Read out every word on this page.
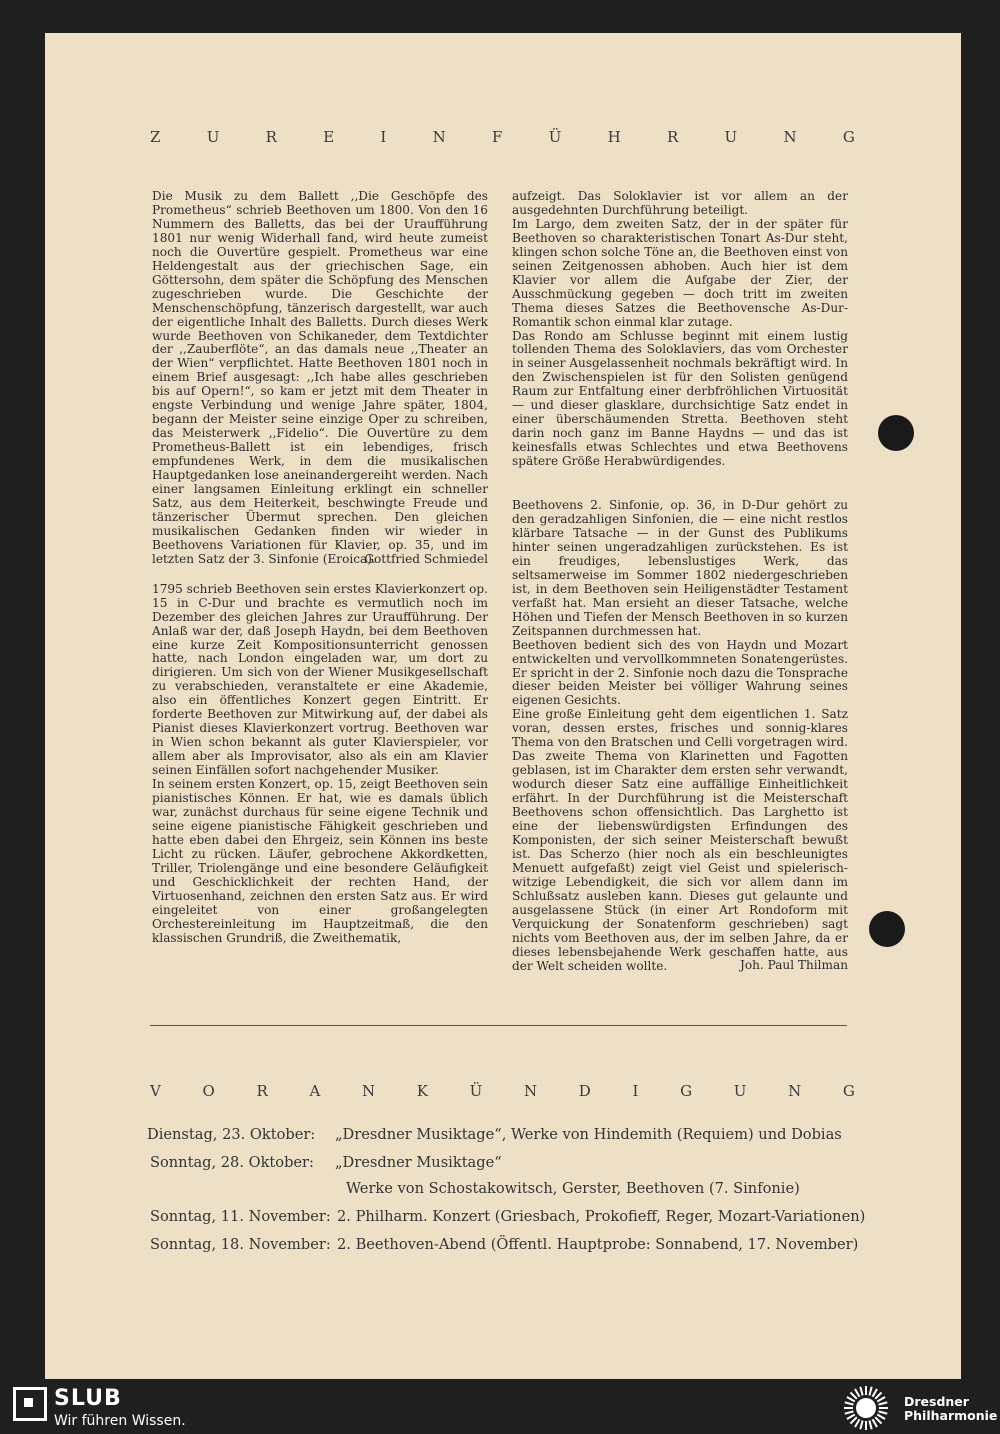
Z	U	R	E	I	N	F	Ü	H	R	U	N	G

Die Musik zu dem Ballett ,,Die Geschöpfe des Prometheus“ schrieb Beethoven um 1800. Von den 16 Nummern des Balletts, das bei der Uraufführung 1801 nur wenig Widerhall fand, wird heute zumeist noch die Ouvertüre gespielt. Prometheus war eine Heldengestalt aus der griechischen Sage, ein Göttersohn, dem später die Schöpfung des Menschen zugeschrieben wurde. Die Geschichte der Menschenschöpfung, tänzerisch dargestellt, war auch der eigentliche Inhalt des Balletts. Durch dieses Werk wurde Beethoven von Schikaneder, dem Textdichter der ,,Zauberflöte“, an das damals neue ,,Theater an der Wien“ verpflichtet. Hatte Beethoven 1801 noch in einem Brief ausgesagt: ,,Ich habe alles geschrieben bis auf Opern!“, so kam er jetzt mit dem Theater in engste Verbindung und wenige Jahre später, 1804, begann der Meister seine einzige Oper zu schreiben, das Meisterwerk ,,Fidelio“. Die Ouvertüre zu dem Prometheus-Ballett ist ein lebendiges, frisch empfundenes Werk, in dem die musikalischen Hauptgedanken lose aneinandergereiht werden. Nach einer langsamen Einleitung erklingt ein schneller Satz, aus dem Heiterkeit, beschwingte Freude und tänzerischer Übermut sprechen. Den gleichen musikalischen Gedanken finden wir wieder in Beethovens Variationen für Klavier, op. 35, und im letzten Satz der 3. Sinfonie (Eroica).

Gottfried Schmiedel

1795 schrieb Beethoven sein erstes Klavierkonzert op. 15 in C-Dur und brachte es vermutlich noch im Dezember des gleichen Jahres zur Uraufführung. Der Anlaß war der, daß Joseph Haydn, bei dem Beethoven eine kurze Zeit Kompositionsunterricht genossen hatte, nach London eingeladen war, um dort zu dirigieren. Um sich von der Wiener Musikgesellschaft zu verabschieden, veranstaltete er eine Akademie, also ein öffentliches Konzert gegen Eintritt. Er forderte Beethoven zur Mitwirkung auf, der dabei als Pianist dieses Klavierkonzert vortrug. Beethoven war in Wien schon bekannt als guter Klavierspieler, vor allem aber als Improvisator, also als ein am Klavier seinen Einfällen sofort nachgehender Musiker.

In seinem ersten Konzert, op. 15, zeigt Beethoven sein pianistisches Können. Er hat, wie es damals üblich war, zunächst durchaus für seine eigene Technik und seine eigene pianistische Fähigkeit geschrieben und hatte eben dabei den Ehrgeiz, sein Können ins beste Licht zu rücken. Läufer, gebrochene Akkordketten, Triller, Triolengänge und eine besondere Geläufigkeit und Geschicklichkeit der rechten Hand, der Virtuosenhand, zeichnen den ersten Satz aus. Er wird eingeleitet von einer großangelegten Orchestereinleitung im Hauptzeitmaß, die den klassischen Grundriß, die Zweithematik,

aufzeigt. Das Soloklavier ist vor allem an der ausgedehnten Durchführung beteiligt.

Im Largo, dem zweiten Satz, der in der später für Beethoven so charakteristischen Tonart As-Dur steht, klingen schon solche Töne an, die Beethoven einst von seinen Zeitgenossen abhoben. Auch hier ist dem Klavier vor allem die Aufgabe der Zier, der Ausschmückung gegeben — doch tritt im zweiten Thema dieses Satzes die Beethovensche As-Dur-Romantik schon einmal klar zutage.

Das Rondo am Schlusse beginnt mit einem lustig tollenden Thema des Soloklaviers, das vom Orchester in seiner Ausgelassenheit nochmals bekräftigt wird. In den Zwischenspielen ist für den Solisten genügend Raum zur Entfaltung einer derbfröhlichen Virtuosität — und dieser glasklare, durchsichtige Satz endet in einer überschäumenden Stretta. Beethoven steht darin noch ganz im Banne Haydns — und das ist keinesfalls etwas Schlechtes und etwa Beethovens spätere Größe Herabwürdigendes.

Beethovens 2. Sinfonie, op. 36, in D-Dur gehört zu den geradzahligen Sinfonien, die — eine nicht restlos klärbare Tatsache — in der Gunst des Publikums hinter seinen ungeradzahligen zurückstehen. Es ist ein freudiges, lebenslustiges Werk, das seltsamerweise im Sommer 1802 niedergeschrieben ist, in dem Beethoven sein Heiligenstädter Testament verfaßt hat. Man ersieht an dieser Tatsache, welche Höhen und Tiefen der Mensch Beethoven in so kurzen Zeitspannen durchmessen hat.

Beethoven bedient sich des von Haydn und Mozart entwickelten und vervollkommneten Sonatengerüstes. Er spricht in der 2. Sinfonie noch dazu die Tonsprache dieser beiden Meister bei völliger Wahrung seines eigenen Gesichts.

Eine große Einleitung geht dem eigentlichen 1. Satz voran, dessen erstes, frisches und sonnig-klares Thema von den Bratschen und Celli vorgetragen wird. Das zweite Thema von Klarinetten und Fagotten geblasen, ist im Charakter dem ersten sehr verwandt, wodurch dieser Satz eine auffällige Einheitlichkeit erfährt. In der Durchführung ist die Meisterschaft Beethovens schon offensichtlich. Das Larghetto ist eine der liebenswürdigsten Erfindungen des Komponisten, der sich seiner Meisterschaft bewußt ist. Das Scherzo (hier noch als ein beschleunigtes Menuett aufgefaßt) zeigt viel Geist und spielerisch-witzige Lebendigkeit, die sich vor allem dann im Schlußsatz ausleben kann. Dieses gut gelaunte und ausgelassene Stück (in einer Art Rondoform mit Verquickung der Sonatenform geschrieben) sagt nichts vom Beethoven aus, der im selben Jahre, da er dieses lebensbejahende Werk geschaffen hatte, aus der Welt scheiden wollte.	Joh. Paul Thilman

V	O	R	A	N	K	Ü	N	D	I	G	U	N	G
Dienstag, 23. Oktober: „Dresdner Musiktage“, Werke von Hindemith (Requiem) und Dobias
Sonntag, 28. Oktober: „Dresdner Musiktage“
Werke von Schostakowitsch, Gerster, Beethoven (7. Sinfonie)
Sonntag, 11. November: 2. Philharm. Konzert (Griesbach, Prokofieff, Reger, Mozart-Variationen)
Sonntag, 18. November: 2. Beethoven-Abend (Öffentl. Hauptprobe: Sonnabend, 17. November)
SLUB
Wir führen Wissen.
Dresdner
Philharmonie
